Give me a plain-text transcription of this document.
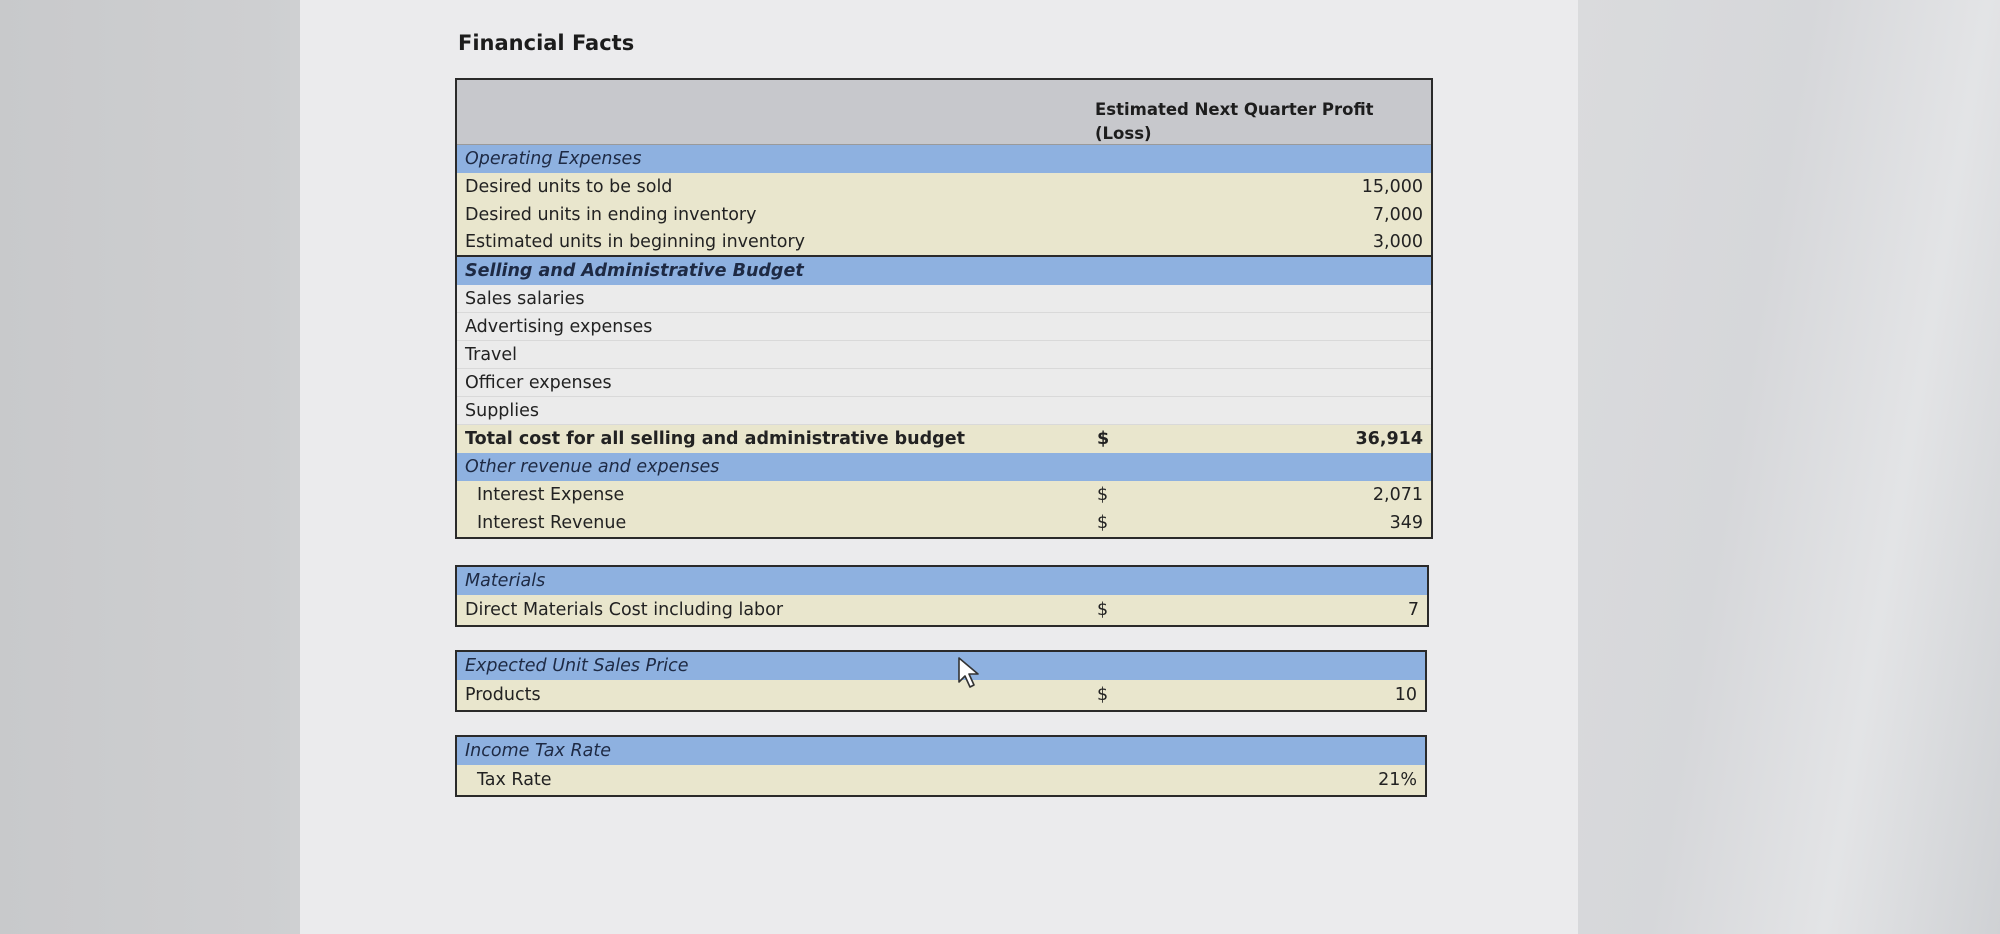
Financial Facts
Estimated Next Quarter Profit (Loss)
Operating Expenses
Desired units to be sold	15,000
Desired units in ending inventory	7,000
Estimated units in beginning inventory	3,000
Selling and Administrative Budget
Sales salaries
Advertising expenses
Travel
Officer expenses
Supplies
Total cost for all selling and administrative budget	$	36,914
Other revenue and expenses
Interest Expense	$	2,071
Interest Revenue	$	349
Materials
Direct Materials Cost including labor	$	7
Expected Unit Sales Price
Products	$	10
Income Tax Rate
Tax Rate	21%
